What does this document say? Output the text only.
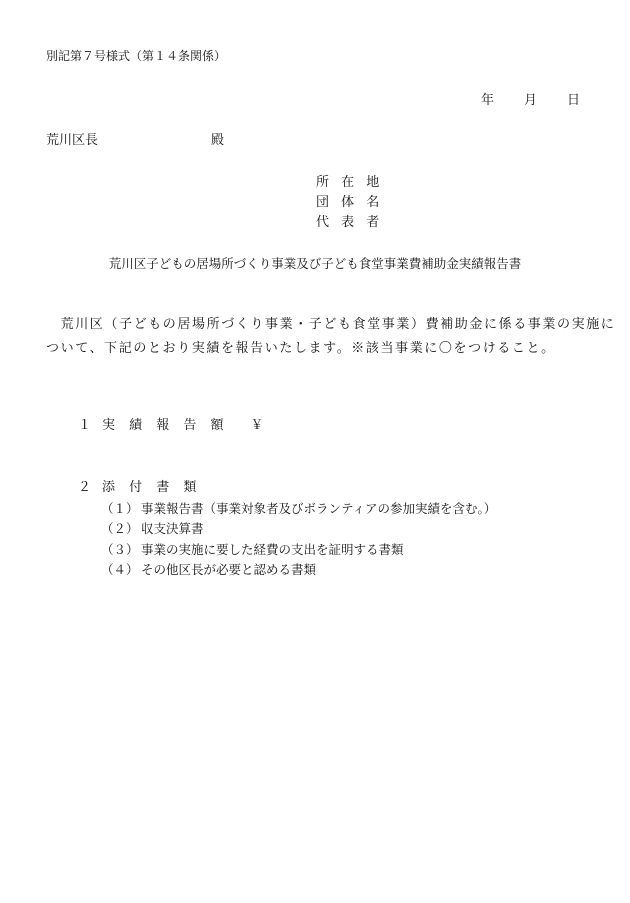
別記第７号様式（第１４条関係）
年 月 日
荒川区長	殿
所 在 地
団 体 名
代 表 者
荒川区子どもの居場所づくり事業及び子ども食堂事業費補助金実績報告書
　荒川区（子どもの居場所づくり事業・子ども食堂事業）費補助金に係る事業の実施に
ついて、下記のとおり実績を報告いたします。※該当事業に〇をつけること。
１ 実 績 報 告 額 ￥
２ 添 付 書 類
（１） 事業報告書（事業対象者及びボランティアの参加実績を含む。）
（２） 収支決算書
（３） 事業の実施に要した経費の支出を証明する書類
（４） その他区長が必要と認める書類
